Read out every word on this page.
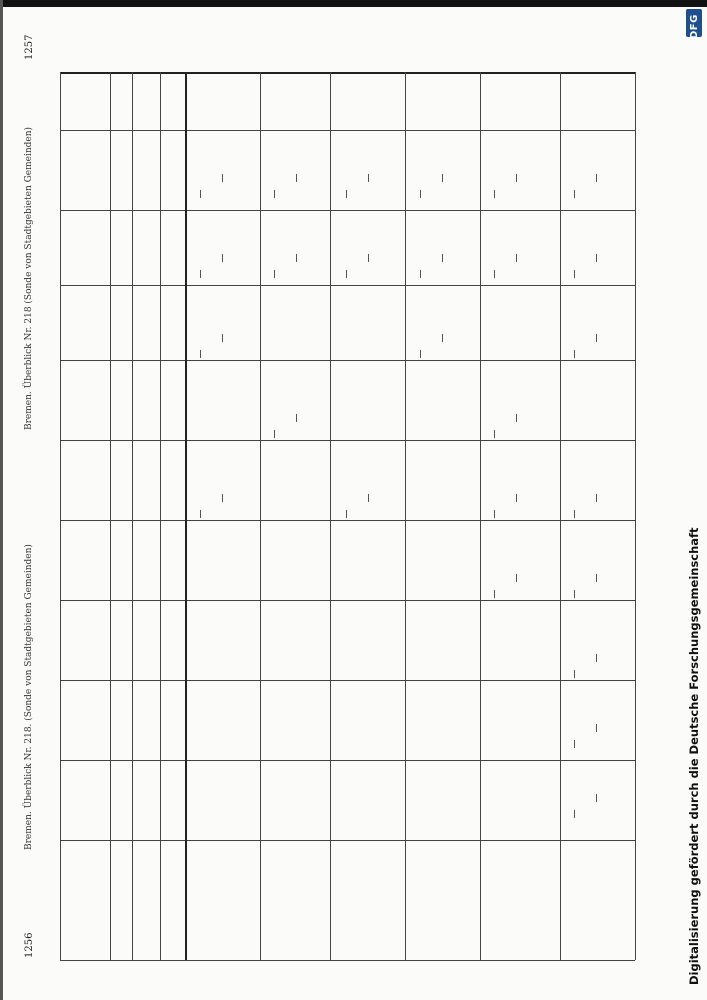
1256
1257
Bremen. Überblick Nr. 218. (Sonde von Stadtgebieten Gemeinden)
Bremen. Überblick Nr. 218 (Sonde von Stadtgebieten Gemeinden)
DFG
Digitalisierung gefördert durch die Deutsche Forschungsgemeinschaft
